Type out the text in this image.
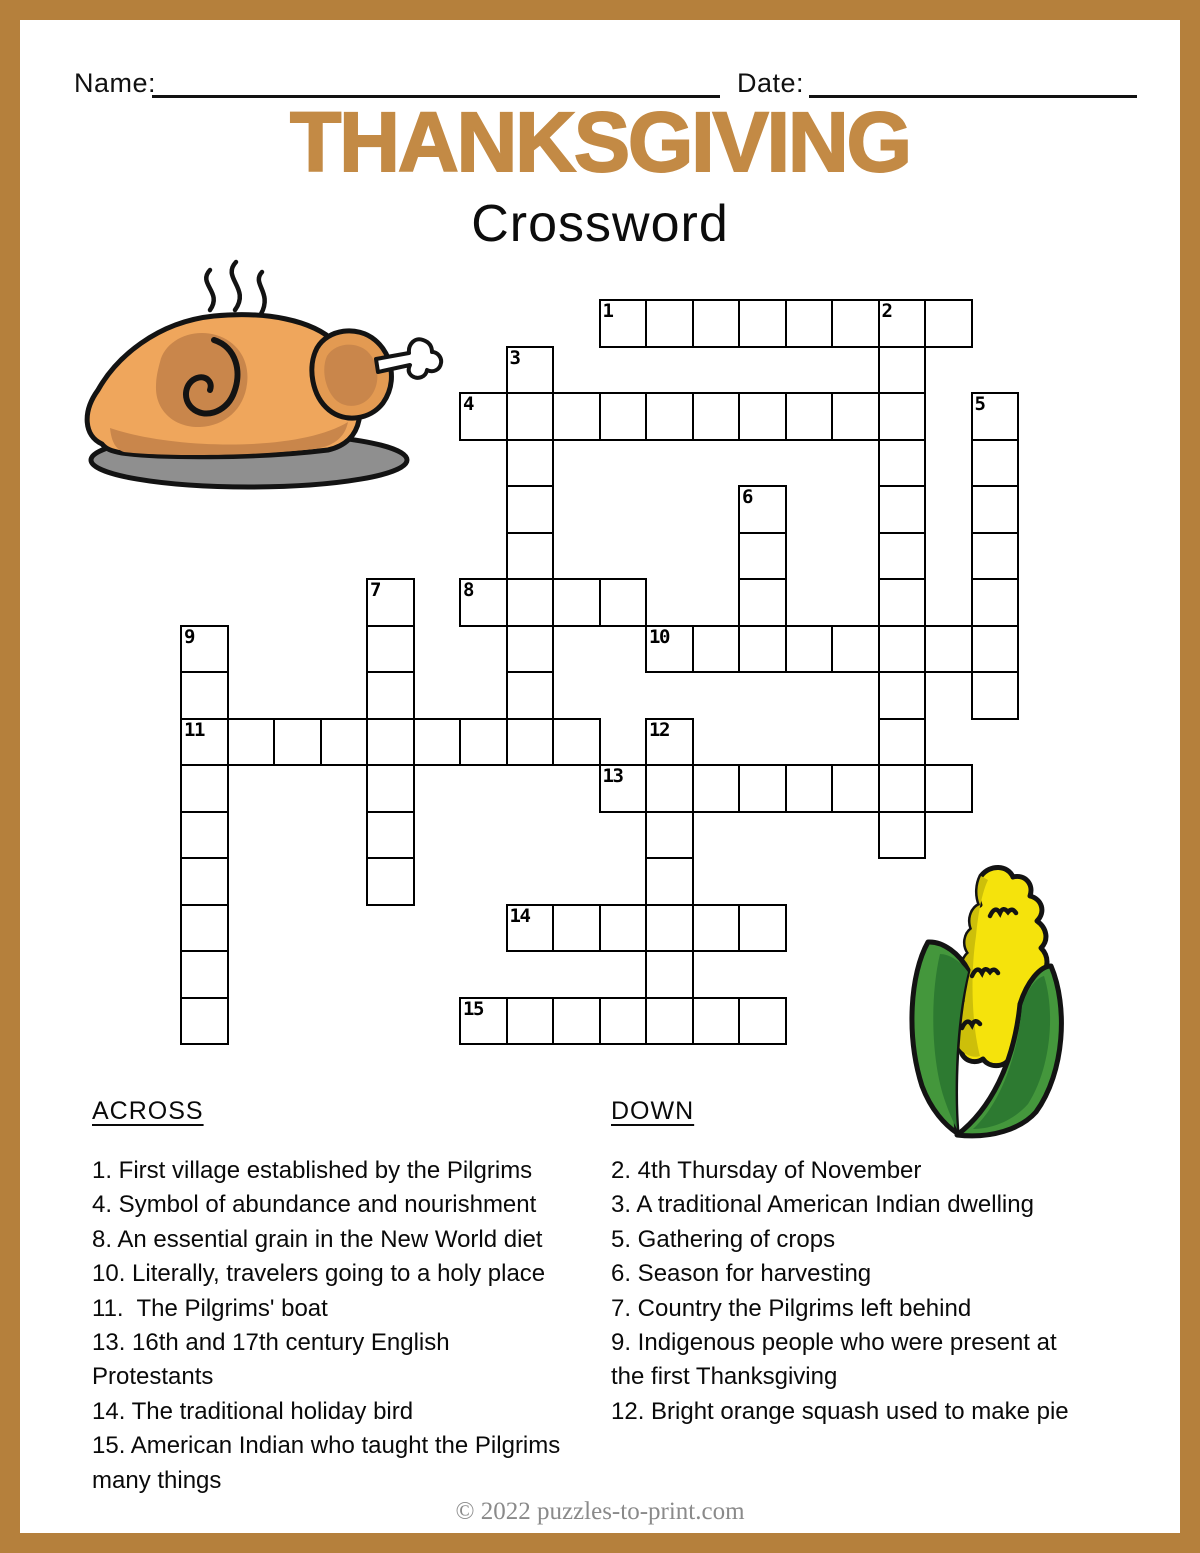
Name:	Date:
THANKSGIVING
Crossword
1	2
3
4	5
6
7	8
9
11
10
12
13
14
15
ACROSS	DOWN
1. First village established by the Pilgrims
4. Symbol of abundance and nourishment
8. An essential grain in the New World diet
10. Literally, travelers going to a holy place
11.  The Pilgrims' boat
13. 16th and 17th century English
Protestants
14. The traditional holiday bird
15. American Indian who taught the Pilgrims
many things
2. 4th Thursday of November
3. A traditional American Indian dwelling
5. Gathering of crops
6. Season for harvesting
7. Country the Pilgrims left behind
9. Indigenous people who were present at
the first Thanksgiving
12. Bright orange squash used to make pie
© 2022 puzzles-to-print.com
